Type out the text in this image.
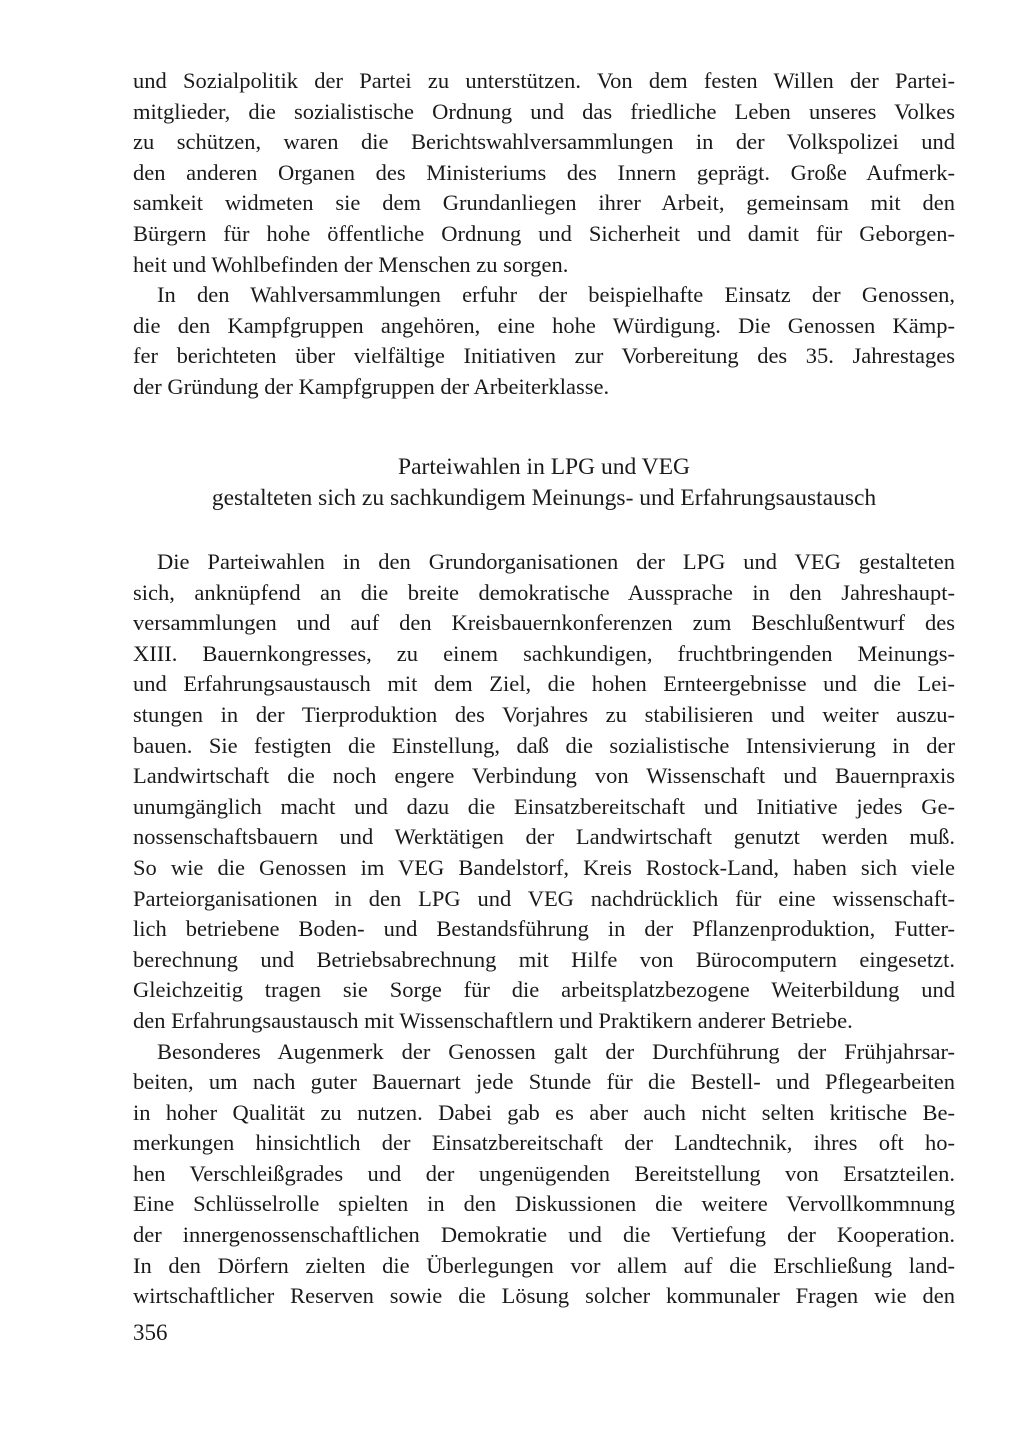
und Sozialpolitik der Partei zu unterstützen. Von dem festen Willen der Partei-
mitglieder, die sozialistische Ordnung und das friedliche Leben unseres Volkes
zu schützen, waren die Berichtswahlversammlungen in der Volkspolizei und
den anderen Organen des Ministeriums des Innern geprägt. Große Aufmerk-
samkeit widmeten sie dem Grundanliegen ihrer Arbeit, gemeinsam mit den
Bürgern für hohe öffentliche Ordnung und Sicherheit und damit für Geborgen-
heit und Wohlbefinden der Menschen zu sorgen.
In den Wahlversammlungen erfuhr der beispielhafte Einsatz der Genossen,
die den Kampfgruppen angehören, eine hohe Würdigung. Die Genossen Kämp-
fer berichteten über vielfältige Initiativen zur Vorbereitung des 35. Jahrestages
der Gründung der Kampfgruppen der Arbeiterklasse.
Parteiwahlen in LPG und VEG
gestalteten sich zu sachkundigem Meinungs- und Erfahrungsaustausch
Die Parteiwahlen in den Grundorganisationen der LPG und VEG gestalteten
sich, anknüpfend an die breite demokratische Aussprache in den Jahreshaupt-
versammlungen und auf den Kreisbauernkonferenzen zum Beschlußentwurf des
XIII. Bauernkongresses, zu einem sachkundigen, fruchtbringenden Meinungs-
und Erfahrungsaustausch mit dem Ziel, die hohen Ernteergebnisse und die Lei-
stungen in der Tierproduktion des Vorjahres zu stabilisieren und weiter auszu-
bauen. Sie festigten die Einstellung, daß die sozialistische Intensivierung in der
Landwirtschaft die noch engere Verbindung von Wissenschaft und Bauernpraxis
unumgänglich macht und dazu die Einsatzbereitschaft und Initiative jedes Ge-
nossenschaftsbauern und Werktätigen der Landwirtschaft genutzt werden muß.
So wie die Genossen im VEG Bandelstorf, Kreis Rostock-Land, haben sich viele
Parteiorganisationen in den LPG und VEG nachdrücklich für eine wissenschaft-
lich betriebene Boden- und Bestandsführung in der Pflanzenproduktion, Futter-
berechnung und Betriebsabrechnung mit Hilfe von Bürocomputern eingesetzt.
Gleichzeitig tragen sie Sorge für die arbeitsplatzbezogene Weiterbildung und
den Erfahrungsaustausch mit Wissenschaftlern und Praktikern anderer Betriebe.
Besonderes Augenmerk der Genossen galt der Durchführung der Frühjahrsar-
beiten, um nach guter Bauernart jede Stunde für die Bestell- und Pflegearbeiten
in hoher Qualität zu nutzen. Dabei gab es aber auch nicht selten kritische Be-
merkungen hinsichtlich der Einsatzbereitschaft der Landtechnik, ihres oft ho-
hen Verschleißgrades und der ungenügenden Bereitstellung von Ersatzteilen.
Eine Schlüsselrolle spielten in den Diskussionen die weitere Vervollkommnung
der innergenossenschaftlichen Demokratie und die Vertiefung der Kooperation.
In den Dörfern zielten die Überlegungen vor allem auf die Erschließung land-
wirtschaftlicher Reserven sowie die Lösung solcher kommunaler Fragen wie den
356
